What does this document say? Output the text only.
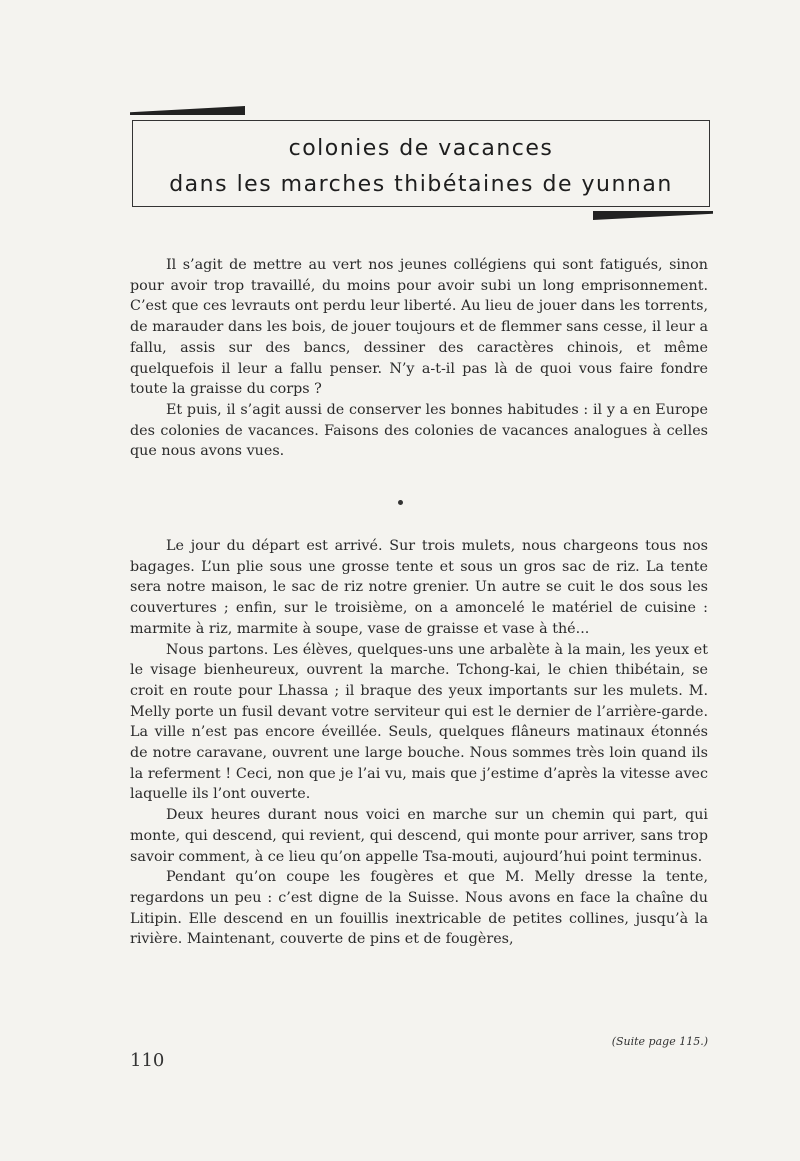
colonies de vacances
dans les marches thibétaines de yunnan

Il s’agit de mettre au vert nos jeunes collégiens qui sont fatigués, sinon pour avoir trop travaillé, du moins pour avoir subi un long emprisonnement. C’est que ces levrauts ont perdu leur liberté. Au lieu de jouer dans les torrents, de marauder dans les bois, de jouer toujours et de flemmer sans cesse, il leur a fallu, assis sur des bancs, dessiner des caractères chinois, et même quelquefois il leur a fallu penser. N’y a-t-il pas là de quoi vous faire fondre toute la graisse du corps ?

Et puis, il s’agit aussi de conserver les bonnes habitudes : il y a en Europe des colonies de vacances. Faisons des colonies de vacances analogues à celles que nous avons vues.

Le jour du départ est arrivé. Sur trois mulets, nous chargeons tous nos bagages. L’un plie sous une grosse tente et sous un gros sac de riz. La tente sera notre maison, le sac de riz notre grenier. Un autre se cuit le dos sous les couvertures ; enfin, sur le troisième, on a amoncelé le matériel de cuisine : marmite à riz, marmite à soupe, vase de graisse et vase à thé...

Nous partons. Les élèves, quelques-uns une arbalète à la main, les yeux et le visage bienheureux, ouvrent la marche. Tchong-kai, le chien thibétain, se croit en route pour Lhassa ; il braque des yeux importants sur les mulets. M. Melly porte un fusil devant votre serviteur qui est le dernier de l’arrière-garde. La ville n’est pas encore éveillée. Seuls, quelques flâneurs matinaux étonnés de notre caravane, ouvrent une large bouche. Nous sommes très loin quand ils la referment ! Ceci, non que je l’ai vu, mais que j’estime d’après la vitesse avec laquelle ils l’ont ouverte.

Deux heures durant nous voici en marche sur un chemin qui part, qui monte, qui descend, qui revient, qui descend, qui monte pour arriver, sans trop savoir comment, à ce lieu qu’on appelle Tsa-mouti, aujourd’hui point terminus.

Pendant qu’on coupe les fougères et que M. Melly dresse la tente, regardons un peu : c’est digne de la Suisse. Nous avons en face la chaîne du Litipin. Elle descend en un fouillis inextricable de petites collines, jusqu’à la rivière. Maintenant, couverte de pins et de fougères,

(Suite page 115.)
110
